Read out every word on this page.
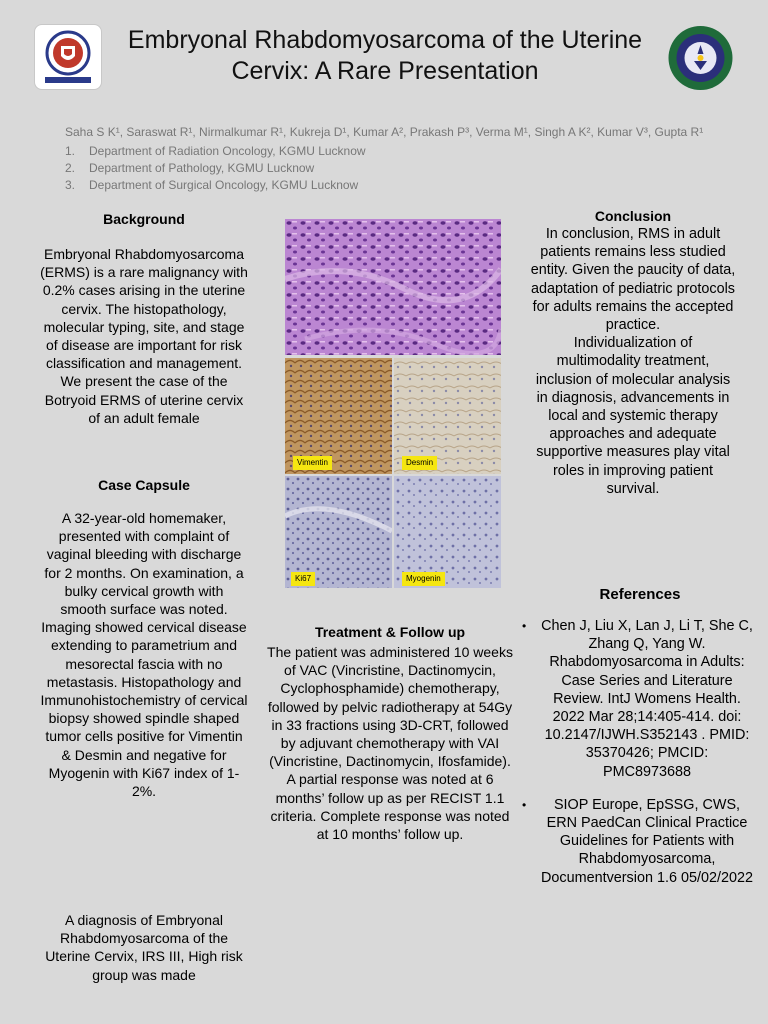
Embryonal Rhabdomyosarcoma of the Uterine Cervix: A Rare Presentation
Saha S K¹, Saraswat R¹, Nirmalkumar R¹, Kukreja D¹, Kumar A², Prakash P³, Verma M¹, Singh A K², Kumar V³, Gupta R¹
1. Department of Radiation Oncology, KGMU Lucknow
2. Department of Pathology, KGMU Lucknow
3. Department of Surgical Oncology, KGMU Lucknow
Background
Embryonal Rhabdomyosarcoma (ERMS) is a rare malignancy with 0.2% cases arising in the uterine cervix. The histopathology, molecular typing, site, and stage of disease are important for risk classification and management. We present the case of the Botryoid ERMS of uterine cervix of an adult female
Case Capsule
A 32-year-old homemaker, presented with complaint of vaginal bleeding with discharge for 2 months. On examination, a bulky cervical growth with smooth surface was noted. Imaging showed cervical disease extending to parametrium and mesorectal fascia with no metastasis. Histopathology and Immunohistochemistry of cervical biopsy showed spindle shaped tumor cells positive for Vimentin & Desmin and negative for Myogenin with Ki67 index of 1-2%.
A diagnosis of Embryonal Rhabdomyosarcoma of the Uterine Cervix, IRS III, High risk group was made
Vimentin	Desmin
Ki67	Myogenin
Treatment & Follow up
The patient was administered 10 weeks of VAC (Vincristine, Dactinomycin, Cyclophosphamide) chemotherapy, followed by pelvic radiotherapy at 54Gy in 33 fractions using 3D-CRT, followed by adjuvant chemotherapy with VAI (Vincristine, Dactinomycin, Ifosfamide). A partial response was noted at 6 months’ follow up as per RECIST 1.1 criteria. Complete response was noted at 10 months’ follow up.
Conclusion
In conclusion, RMS in adult patients remains less studied entity. Given the paucity of data, adaptation of pediatric protocols for adults remains the accepted practice.
Individualization of multimodality treatment, inclusion of molecular analysis in diagnosis, advancements in local and systemic therapy approaches and adequate supportive measures play vital roles in improving patient survival.
References
•	Chen J, Liu X, Lan J, Li T, She C, Zhang Q, Yang W. Rhabdomyosarcoma in Adults: Case Series and Literature Review. IntJ Womens Health. 2022 Mar 28;14:405-414. doi: 10.2147/IJWH.S352143 . PMID: 35370426; PMCID: PMC8973688
•	SIOP Europe, EpSSG, CWS, ERN PaedCan Clinical Practice Guidelines for Patients with Rhabdomyosarcoma, Documentversion 1.6 05/02/2022
